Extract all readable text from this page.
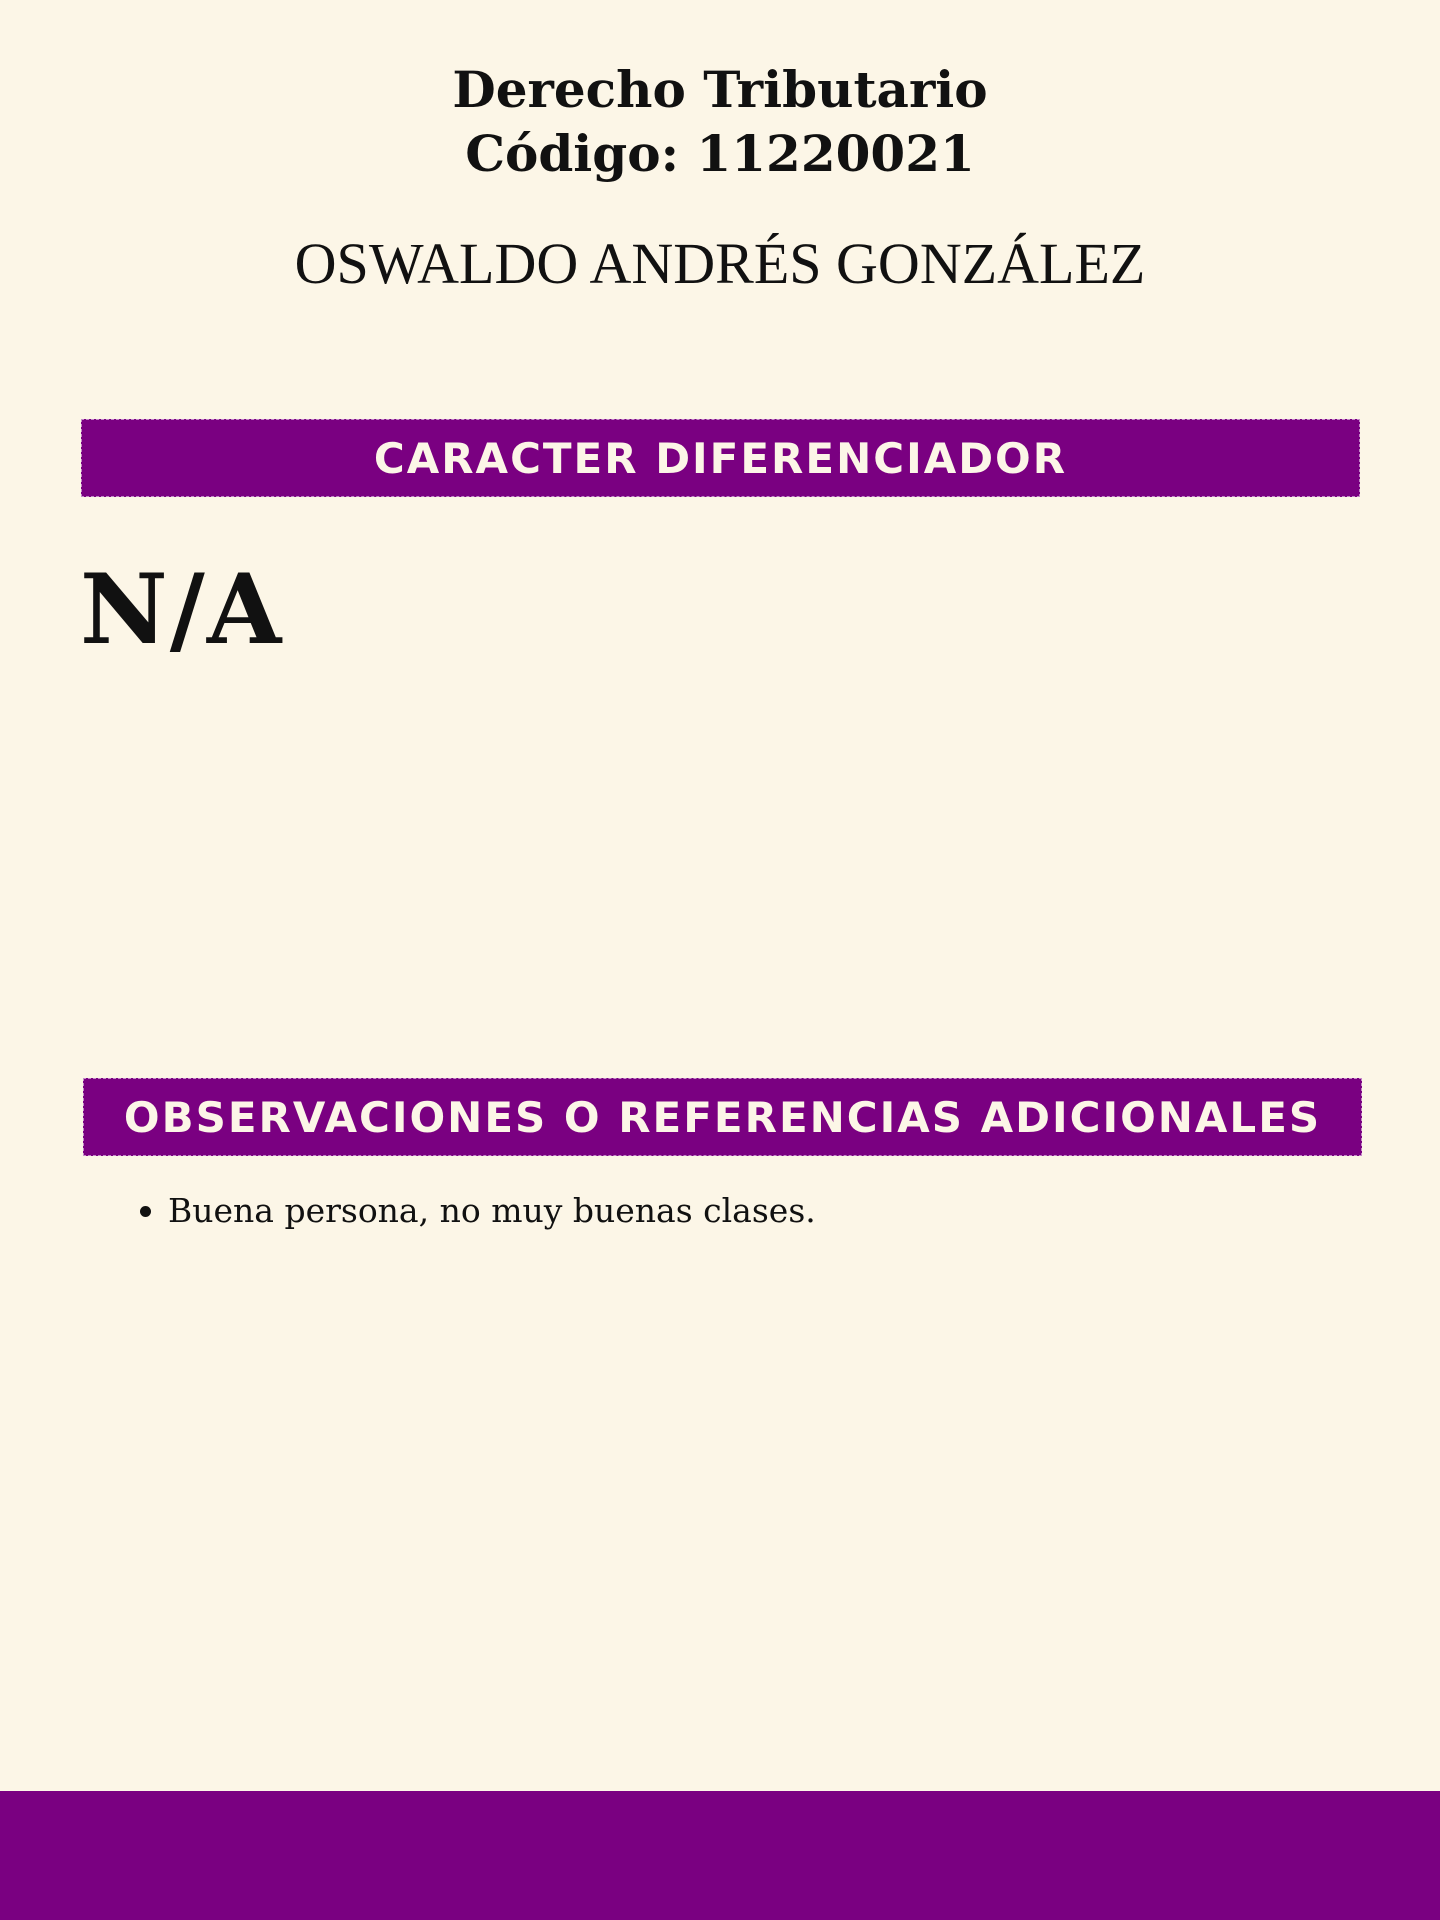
Derecho Tributario
Código: 11220021
OSWALDO ANDRÉS GONZÁLEZ
CARACTER DIFERENCIADOR
N/A
OBSERVACIONES O REFERENCIAS ADICIONALES
Buena persona, no muy buenas clases.
